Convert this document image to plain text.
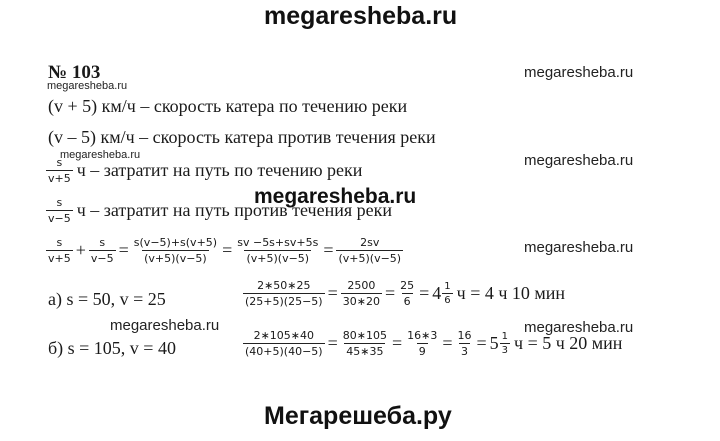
megaresheba.ru
megaresheba.ru
megaresheba.ru
megaresheba.ru	megaresheba.ru
megaresheba.ru
megaresheba.ru
megaresheba.ru	megaresheba.ru
Мегарешеба.ру
№ 103
(v + 5) км/ч – скорость катера по течению реки
(v – 5) км/ч – скорость катера против течения реки
$\frac{s}{v+5}$ ч – затратит на путь по течению реки
$\frac{s}{v-5}$ ч – затратит на путь против течения реки
$\frac{s}{v+5} + \frac{s}{v-5} = \frac{s(v-5)+s(v+5)}{(v+5)(v-5)} = \frac{sv -5s+sv+5s}{(v+5)(v-5)} = \frac{2sv}{(v+5)(v-5)}$
а) s = 50, v = 25	$\frac{2∗50∗25}{(25+5)(25-5)} = \frac{2500}{30∗20} = \frac{25}{6} = 4 \frac{1}{6}$ ч = 4 ч 10 мин
б) s = 105, v = 40	$\frac{2∗105∗40}{(40+5)(40-5)} = \frac{80∗105}{45∗35} = \frac{16∗3}{9} = \frac{16}{3} = 5 \frac{1}{3}$ ч = 5 ч 20 мин
